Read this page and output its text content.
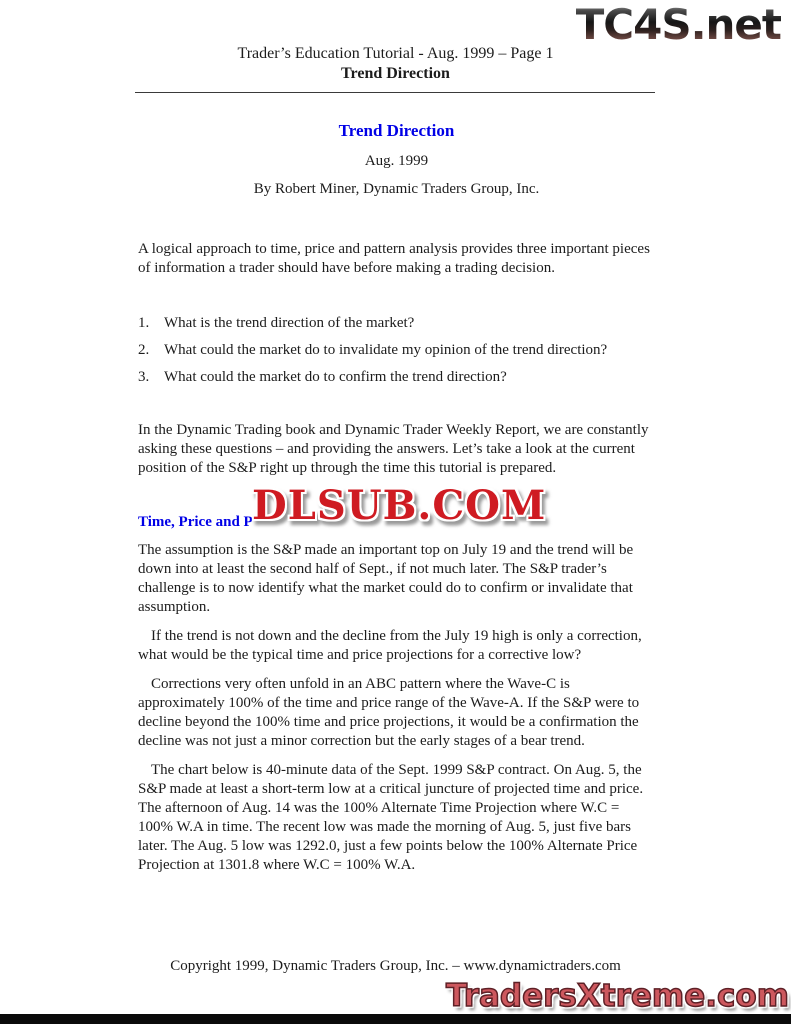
TC4S.net
Trader’s Education Tutorial - Aug. 1999 – Page 1
Trend Direction
Trend Direction
Aug. 1999
By Robert Miner, Dynamic Traders Group, Inc.

A logical approach to time, price and pattern analysis provides three important pieces of information a trader should have before making a trading decision.

1. What is the trend direction of the market?
2. What could the market do to invalidate my opinion of the trend direction?
3. What could the market do to confirm the trend direction?

In the Dynamic Trading book and Dynamic Trader Weekly Report, we are constantly asking these questions – and providing the answers. Let’s take a look at the current position of the S&P right up through the time this tutorial is prepared.

Time, Price and P

The assumption is the S&P made an important top on July 19 and the trend will be down into at least the second half of Sept., if not much later. The S&P trader’s challenge is to now identify what the market could do to confirm or invalidate that assumption.

If the trend is not down and the decline from the July 19 high is only a correction, what would be the typical time and price projections for a corrective low?

Corrections very often unfold in an ABC pattern where the Wave-C is approximately 100% of the time and price range of the Wave-A. If the S&P were to decline beyond the 100% time and price projections, it would be a confirmation the decline was not just a minor correction but the early stages of a bear trend.

The chart below is 40-minute data of the Sept. 1999 S&P contract. On Aug. 5, the S&P made at least a short-term low at a critical juncture of projected time and price. The afternoon of Aug. 14 was the 100% Alternate Time Projection where W.C = 100% W.A in time. The recent low was made the morning of Aug. 5, just five bars later. The Aug. 5 low was 1292.0, just a few points below the 100% Alternate Price Projection at 1301.8 where W.C = 100% W.A.

DLSUB.COM
Copyright 1999, Dynamic Traders Group, Inc. – www.dynamictraders.com
TradersXtreme.com
